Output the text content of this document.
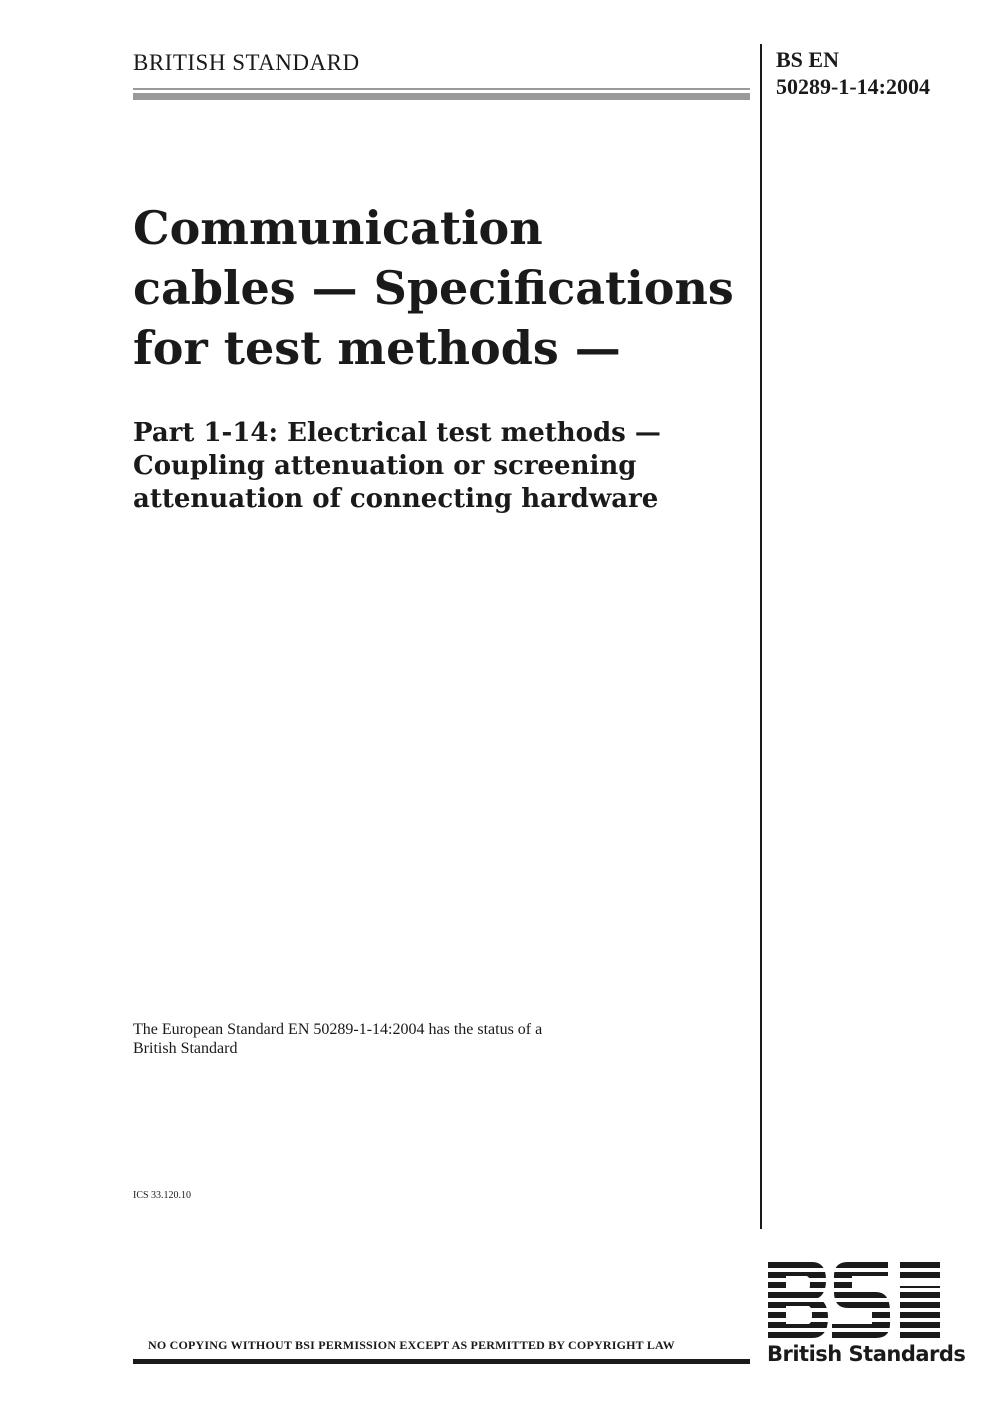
BRITISH STANDARD	BS EN
50289-1-14:2004
Communication
cables — Specifications
for test methods —
Part 1-14: Electrical test methods —
Coupling attenuation or screening
attenuation of connecting hardware
The European Standard EN 50289-1-14:2004 has the status of a
British Standard
ICS 33.120.10
NO COPYING WITHOUT BSI PERMISSION EXCEPT AS PERMITTED BY COPYRIGHT LAW	British Standards
